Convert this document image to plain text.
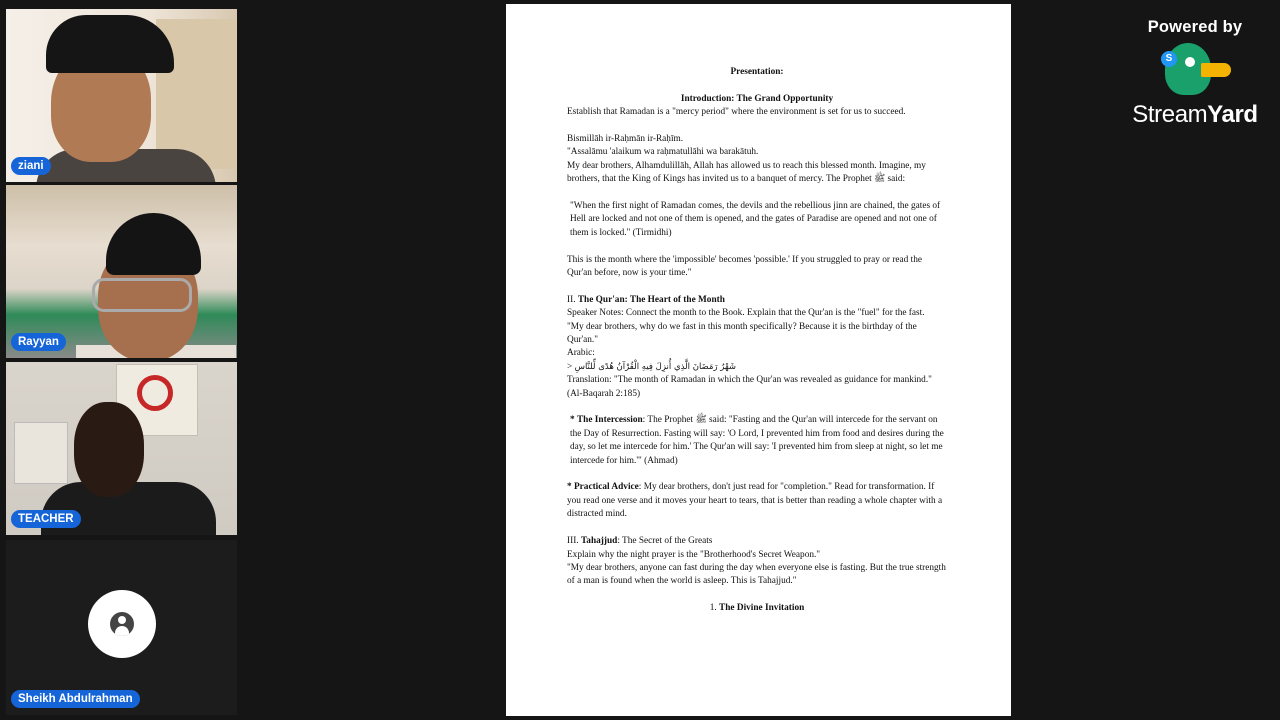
ziani
Rayyan
TEACHER
Sheikh Abdulrahman

Presentation:

Introduction: The Grand Opportunity

Establish that Ramadan is a "mercy period" where the environment is set for us to succeed.

Bismillāh ir-Raḥmān ir-Raḥīm.

"Assalāmu 'alaikum wa raḥmatullāhi wa barakātuh.

My dear brothers, Alhamdulillāh, Allah has allowed us to reach this blessed month. Imagine, my brothers, that the King of Kings has invited us to a banquet of mercy. The Prophet ﷺ said:

"When the first night of Ramadan comes, the devils and the rebellious jinn are chained, the gates of Hell are locked and not one of them is opened, and the gates of Paradise are opened and not one of them is locked." (Tirmidhi)

This is the month where the 'impossible' becomes 'possible.' If you struggled to pray or read the Qur'an before, now is your time."

II. The Qur'an: The Heart of the Month

Speaker Notes: Connect the month to the Book. Explain that the Qur'an is the "fuel" for the fast.

"My dear brothers, why do we fast in this month specifically? Because it is the birthday of the Qur'an."

Arabic:

> شَهْرُ رَمَضَانَ الَّذِي أُنزِلَ فِيهِ الْقُرْآنُ هُدًى لِّلنَّاسِ

Translation: "The month of Ramadan in which the Qur'an was revealed as guidance for mankind." (Al-Baqarah 2:185)

* The Intercession: The Prophet ﷺ said: "Fasting and the Qur'an will intercede for the servant on the Day of Resurrection. Fasting will say: 'O Lord, I prevented him from food and desires during the day, so let me intercede for him.' The Qur'an will say: 'I prevented him from sleep at night, so let me intercede for him.'" (Ahmad)

* Practical Advice: My dear brothers, don't just read for "completion." Read for transformation. If you read one verse and it moves your heart to tears, that is better than reading a whole chapter with a distracted mind.

III. Tahajjud: The Secret of the Greats

Explain why the night prayer is the "Brotherhood's Secret Weapon."

"My dear brothers, anyone can fast during the day when everyone else is fasting. But the true strength of a man is found when the world is asleep. This is Tahajjud."

1. The Divine Invitation

Powered by
S
StreamYard
